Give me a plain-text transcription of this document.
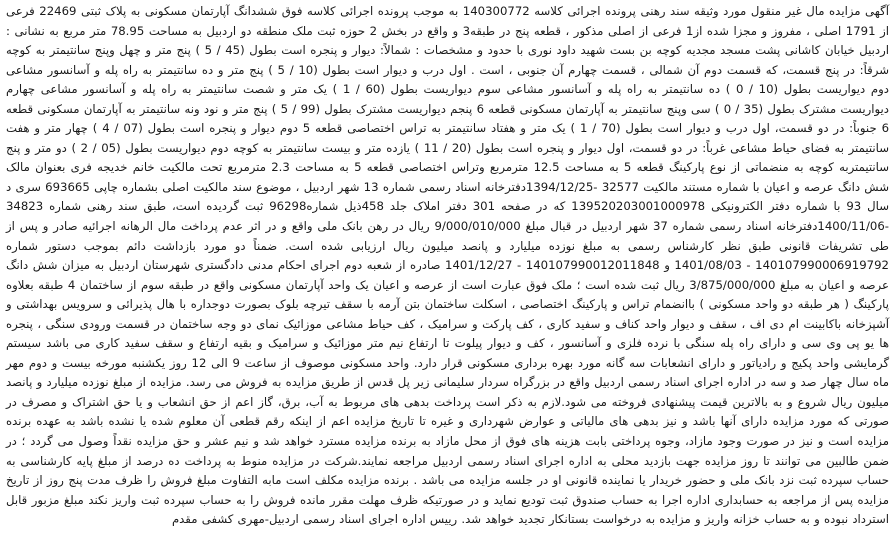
آگهی مزایده مال غیر منقول مورد وثیقه سند رهنی پرونده اجرائی کلاسه 140300772 به موجب پرونده اجرائی کلاسه فوق ششدانگ آپارتمان مسکونی به پلاک ثبتی 22469 فرعی از 1791 اصلی ، مفروز و مجزا شده از1 فرعی از اصلی مذکور ، قطعه پنج در طبقه3 و واقع در بخش 2 حوزه ثبت ملک منطقه دو اردبیل به مساحت 78.95 متر مربع به نشانی : اردبیل خیابان کاشانی پشت مسجد مجدیه کوچه بن بست شهید داود نوری با حدود و مشخصات : شمالاً: دیوار و پنجره است بطول (45 / 5 ) پنج متر و چهل وپنج سانتیمتر به کوچه شرقاً: در پنج قسمت، که قسمت دوم آن شمالی ، قسمت چهارم آن جنوبی ، است . اول درب و دیوار است بطول (10 / 5 ) پنج متر و ده سانتیمتر به راه پله و آسانسور مشاعی دوم دیواریست بطول (10 / 0 ) ده سانتیمتر به راه پله و آسانسور مشاعی سوم دیواریست بطول (60 / 1 ) یک متر و شصت سانتیمتر به راه پله و آسانسور مشاعی چهارم دیواریست مشترک بطول (35 / 0 ) سی وپنج سانتیمتر به آپارتمان مسکونی قطعه 6 پنجم دیواریست مشترک بطول (99 / 5 ) پنج متر و نود ونه سانتیمتر به آپارتمان مسکونی قطعه 6 جنوباً: در دو قسمت، اول درب و دیوار است بطول (70 / 1 ) یک متر و هفتاد سانتیمتر به تراس اختصاصی قطعه 5 دوم دیوار و پنجره است بطول (07 / 4 ) چهار متر و هفت سانتیمتر به فضای حیاط مشاعی غرباً: در دو قسمت، اول دیوار و پنجره است بطول (20 / 11 ) یازده متر و بیست سانتیمتر به کوچه دوم دیواریست بطول (05 / 2 ) دو متر و پنج سانتیمتربه کوچه به منضماتی از نوع پارکینگ قطعه 5 به مساحت 12.5 مترمربع وتراس اختصاصی قطعه 5 به مساحت 2.3 مترمربع تحت مالکیت خانم خدیجه فری بعنوان مالک شش دانگ عرصه و اعیان با شماره مستند مالکیت 32577 -1394/12/25دفترخانه اسناد رسمی شماره 13 شهر اردبیل ، موضوع سند مالکیت اصلی بشماره چاپی 693665 سری د سال 93 با شماره دفتر الکترونیکی 139520203001000978 که در صفحه 301 دفتر املاک جلد 458ذیل شماره96298 ثبت گردیده است، طبق سند رهنی شماره 34823 -1400/11/06دفترخانه اسناد رسمی شماره 37 شهر اردبیل در قبال مبلغ 9/000/010/000 ریال در رهن بانک ملی واقع و در اثر عدم پرداخت مال الرهانه اجرائیه صادر و پس از طی تشریفات قانونی طبق نظر کارشناس رسمی به مبلغ نوزده میلیارد و پانصد میلیون ریال ارزیابی شده است. ضمناً دو مورد بازداشت دائم بموجب دستور شماره 140107990006919792 - 1401/08/03 و 140107990012011848 - 1401/12/27 صادره از شعبه دوم اجرای احکام مدنی دادگستری شهرستان اردبیل به میزان شش دانگ عرصه و اعیان به مبلغ 3/875/000/000 ریال ثبت شده است ؛ ملک فوق عبارت است از عرصه و اعیان یک واحد آپارتمان مسکونی واقع در طبقه سوم از ساختمان 4 طبقه بعلاوه پارکینگ ( هر طبقه دو واحد مسکونی ) باانضمام تراس و پارکینگ اختصاصی ، اسکلت ساختمان بتن آرمه با سقف تیرچه بلوک بصورت دوجداره با هال پذیرائی و سرویس بهداشتی و آشپزخانه باکابینت ام دی اف ، سقف و دیوار واحد کناف و سفید کاری ، کف پارکت و سرامیک ، کف حیاط مشاعی موزائیک نمای دو وجه ساختمان در قسمت ورودی سنگی ، پنجره ها یو پی وی سی و دارای راه پله سنگی با نرده فلزی و آسانسور ، کف و دیوار پیلوت تا ارتفاع نیم متر موزائیک و سرامیک و بقیه ارتفاع و سقف سفید کاری می باشد سیستم گرمایشی واحد پکیج و رادیاتور و دارای انشعابات سه گانه مورد بهره برداری مسکونی قرار دارد. واحد مسکونی موصوف از ساعت 9 الی 12 روز یکشنبه مورخه بیست و دوم مهر ماه سال چهار صد و سه در اداره اجرای اسناد رسمی اردبیل واقع در بزرگراه سردار سلیمانی زیر پل قدس از طریق مزایده به فروش می رسد. مزایده از مبلغ نوزده میلیارد و پانصد میلیون ریال شروع و به بالاترین قیمت پیشنهادی فروخته می شود.لازم به ذکر است پرداخت بدهی های مربوط به آب، برق، گاز اعم از حق انشعاب و یا حق اشتراک و مصرف در صورتی که مورد مزایده دارای آنها باشد و نیز بدهی های مالیاتی و عوارض شهرداری و غیره تا تاریخ مزایده اعم از اینکه رقم قطعی آن معلوم شده یا نشده باشد به عهده برنده مزایده است و نیز در صورت وجود مازاد، وجوه پرداختی بابت هزینه های فوق از محل مازاد به برنده مزایده مسترد خواهد شد و نیم عشر و حق مزایده نقداً وصول می گردد ؛ در ضمن طالبین می توانند تا روز مزایده جهت بازدید محلی به اداره اجرای اسناد رسمی اردبیل مراجعه نمایند.شرکت در مزایده منوط به پرداخت ده درصد از مبلغ پایه کارشناسی به حساب سپرده ثبت نزد بانک ملی و حضور خریدار یا نماینده قانونی او در جلسه مزایده می باشد . برنده مزایده مکلف است مابه التفاوت مبلغ فروش را ظرف مدت پنج روز از تاریخ مزایده پس از مراجعه به حسابداری اداره اجرا به حساب صندوق ثبت تودیع نماید و در صورتیکه ظرف مهلت مقرر مانده فروش را به حساب سپرده ثبت واریز نکند مبلغ مزبور قابل استرداد نبوده و به حساب خزانه واریز و مزایده به درخواست بستانکار تجدید خواهد شد. رییس اداره اجرای اسناد رسمی اردبیل-مهری کشفی مقدم
